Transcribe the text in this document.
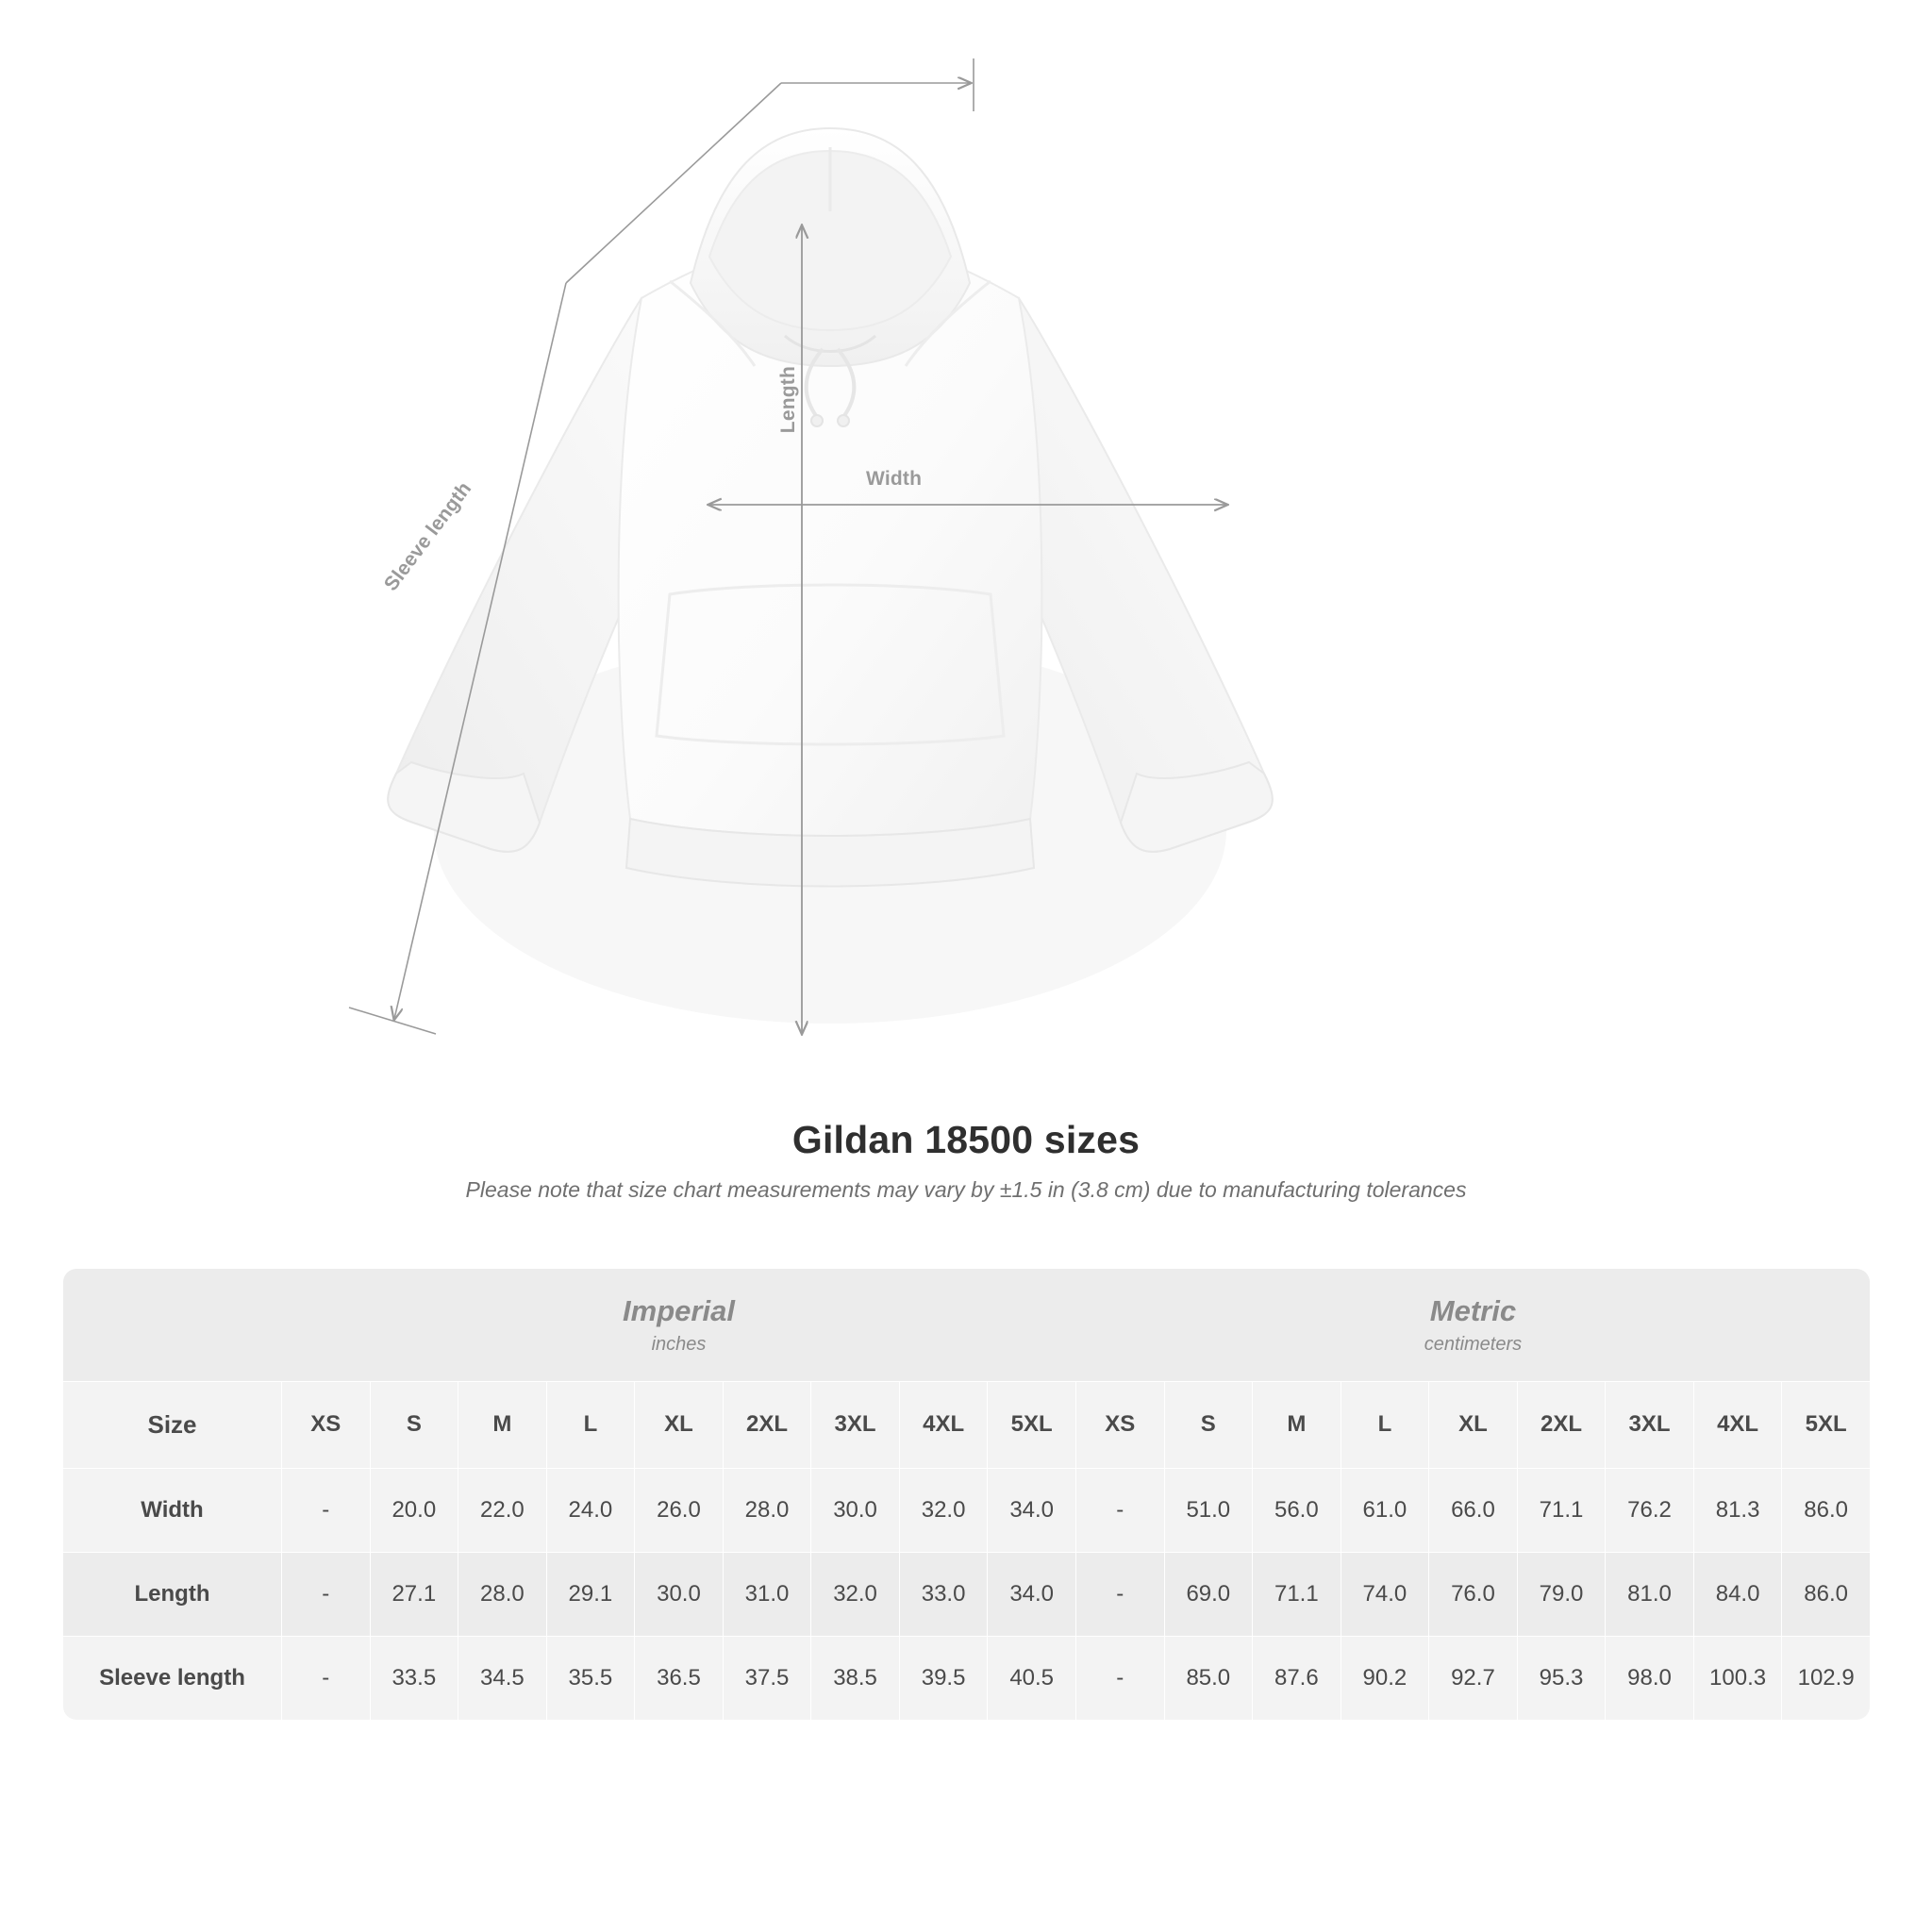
Width
Length
Sleeve length
Gildan 18500 sizes

Please note that size chart measurements may vary by ±1.5 in (3.8 cm) due to manufacturing tolerances

Imperial
inches

Metric
centimeters

Size	XS	S	M	L	XL	2XL	3XL	4XL	5XL	XS	S	M	L	XL	2XL	3XL	4XL	5XL
Width	-	20.0	22.0	24.0	26.0	28.0	30.0	32.0	34.0	-	51.0	56.0	61.0	66.0	71.1	76.2	81.3	86.0
Length	-	27.1	28.0	29.1	30.0	31.0	32.0	33.0	34.0	-	69.0	71.1	74.0	76.0	79.0	81.0	84.0	86.0
Sleeve length	-	33.5	34.5	35.5	36.5	37.5	38.5	39.5	40.5	-	85.0	87.6	90.2	92.7	95.3	98.0	100.3	102.9
